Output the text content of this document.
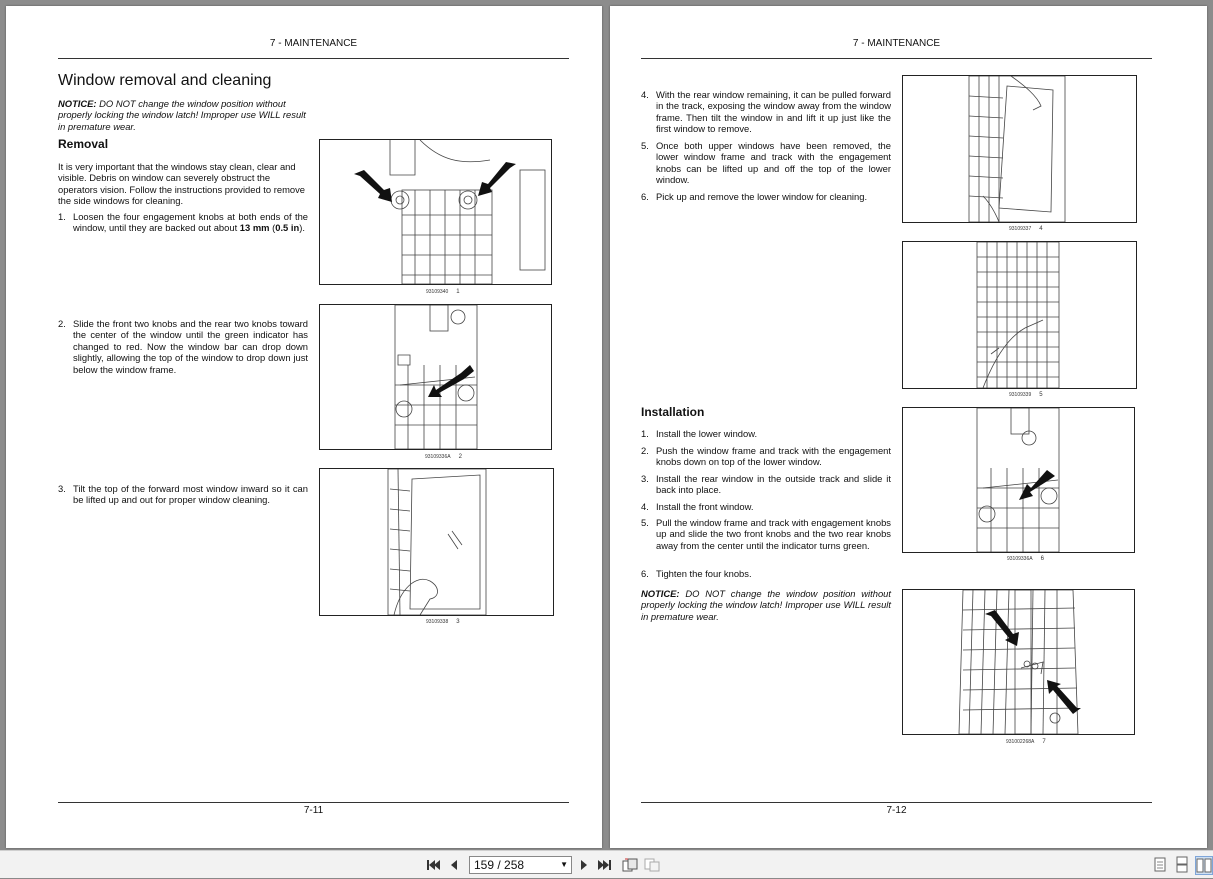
7 - MAINTENANCE
Window removal and cleaning
NOTICE: DO NOT change the window position without properly locking the window latch! Improper use WILL result in premature wear.
Removal
It is very important that the windows stay clean, clear and visible. Debris on window can severely obstruct the operators vision. Follow the instructions provided to remove the side windows for cleaning.
1. Loosen the four engagement knobs at both ends of the window, until they are backed out about 13 mm (0.5 in).
2. Slide the front two knobs and the rear two knobs toward the center of the window until the green indicator has changed to red. Now the window bar can drop down slightly, allowing the top of the window to drop down just below the window frame.
3. Tilt the top of the forward most window inward so it can be lifted up and out for proper window cleaning.
93109340 1
93109336A 2
93109338 3
7-11
7 - MAINTENANCE
4. With the rear window remaining, it can be pulled forward in the track, exposing the window away from the window frame. Then tilt the window in and lift it up just like the first window to remove.
5. Once both upper windows have been removed, the lower window frame and track with the engagement knobs can be lifted up and off the top of the lower window.
6. Pick up and remove the lower window for cleaning.
Installation
1. Install the lower window.
2. Push the window frame and track with the engagement knobs down on top of the lower window.
3. Install the rear window in the outside track and slide it back into place.
4. Install the front window.
5. Pull the window frame and track with engagement knobs up and slide the two front knobs and the two rear knobs away from the center until the indicator turns green.
6. Tighten the four knobs.
NOTICE: DO NOT change the window position without properly locking the window latch! Improper use WILL result in premature wear.
93109337 4
93109339 5
93109336A 6
931002268A 7
7-12
159 / 258	▼
